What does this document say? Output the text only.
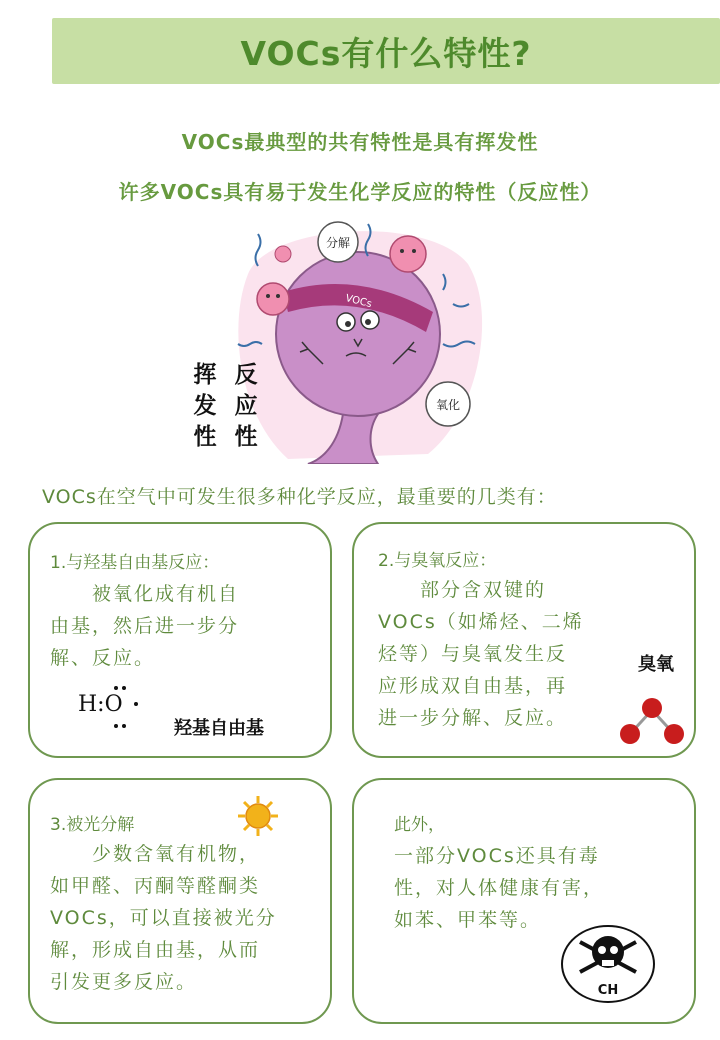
VOCs有什么特性?
VOCs最典型的共有特性是具有挥发性
许多VOCs具有易于发生化学反应的特性（反应性）
VOCs
分解
氧化
挥
发
性
反
应
性
VOCs在空气中可发生很多种化学反应，最重要的几类有：
1.与羟基自由基反应：
　　被氧化成有机自
由基，然后进一步分
解、反应。
H:O
羟基自由基
2.与臭氧反应：
　　部分含双键的
VOCs（如烯烃、二烯
烃等）与臭氧发生反
应形成双自由基，再
进一步分解、反应。
臭氧
3.被光分解
　　少数含氧有机物，
如甲醛、丙酮等醛酮类
VOCs，可以直接被光分
解，形成自由基，从而
引发更多反应。
此外，
一部分VOCs还具有毒
性，对人体健康有害，
如苯、甲苯等。
CH
